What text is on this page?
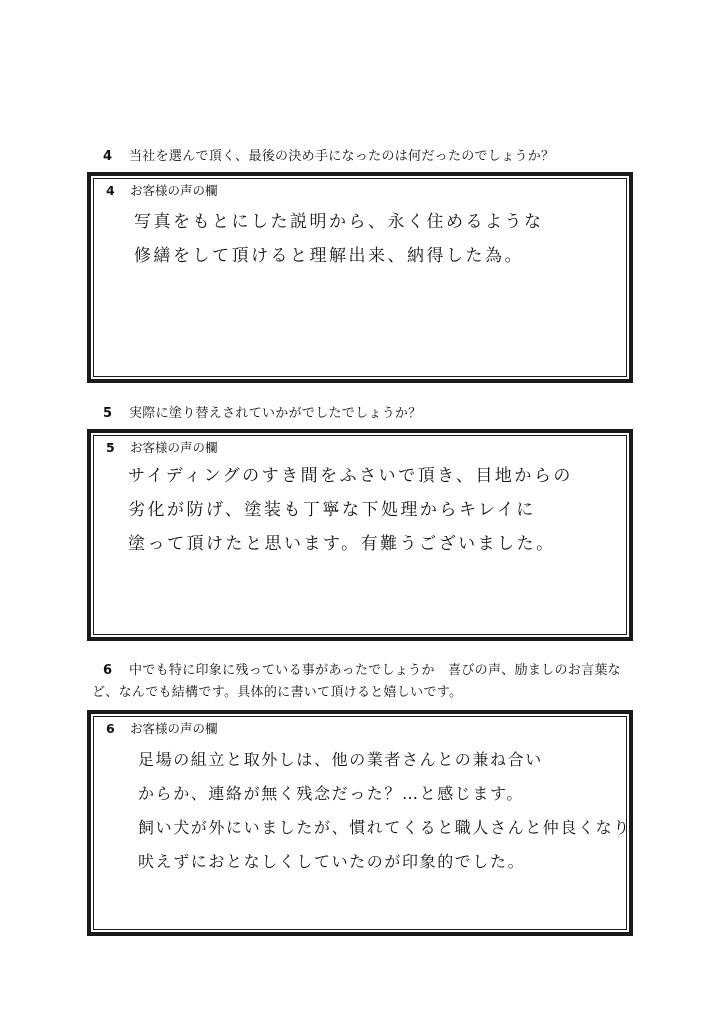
4 当社を選んで頂く、最後の決め手になったのは何だったのでしょうか？
4 お客様の声の欄
写真をもとにした説明から、永く住めるような
修繕をして頂けると理解出来、納得した為。
5 実際に塗り替えされていかがでしたでしょうか？
5 お客様の声の欄
サイディングのすき間をふさいで頂き、目地からの
劣化が防げ、塗装も丁寧な下処理からキレイに
塗って頂けたと思います。有難うございました。
6 中でも特に印象に残っている事があったでしょうか　喜びの声、励ましのお言葉な
ど、なんでも結構です。具体的に書いて頂けると嬉しいです。
6 お客様の声の欄
足場の組立と取外しは、他の業者さんとの兼ね合い
からか、連絡が無く残念だった？…と感じます。
飼い犬が外にいましたが、慣れてくると職人さんと仲良くなり
吠えずにおとなしくしていたのが印象的でした。
